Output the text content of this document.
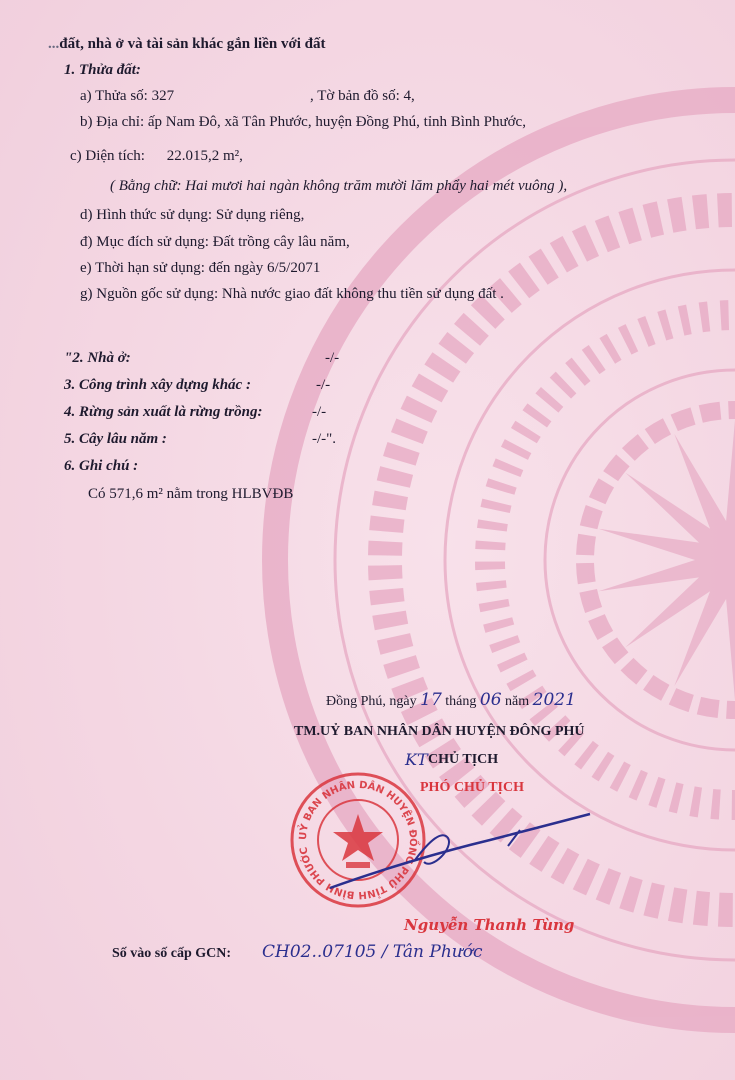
...đất, nhà ở và tài sản khác gắn liền với đất
1. Thửa đất:
a) Thửa số: 327	, Tờ bản đồ số: 4,
b) Địa chỉ: ấp Nam Đô, xã Tân Phước, huyện Đồng Phú, tỉnh Bình Phước,
c) Diện tích: 22.015,2 m²,
( Bằng chữ: Hai mươi hai ngàn không trăm mười lăm phẩy hai mét vuông ),
d) Hình thức sử dụng: Sử dụng riêng,
đ) Mục đích sử dụng: Đất trồng cây lâu năm,
e) Thời hạn sử dụng: đến ngày 6/5/2071
g) Nguồn gốc sử dụng: Nhà nước giao đất không thu tiền sử dụng đất .
"2. Nhà ở:	-/-
3. Công trình xây dựng khác :	-/-
4. Rừng sản xuất là rừng trồng:	-/-
5. Cây lâu năm :	-/-".
6. Ghi chú :
Có 571,6 m² nằm trong HLBVĐB
Đồng Phú, ngày 17 tháng 06 năm 2021
TM.UỶ BAN NHÂN DÂN HUYỆN ĐÔNG PHÚ
KT CHỦ TỊCH
PHÓ CHỦ TỊCH
UỶ BAN NHÂN DÂN HUYỆN ĐỒNG PHÚ TỈNH BÌNH PHƯỚC
Nguyễn Thanh Tùng
Số vào số cấp GCN: CH02..07105 / Tân Phước
